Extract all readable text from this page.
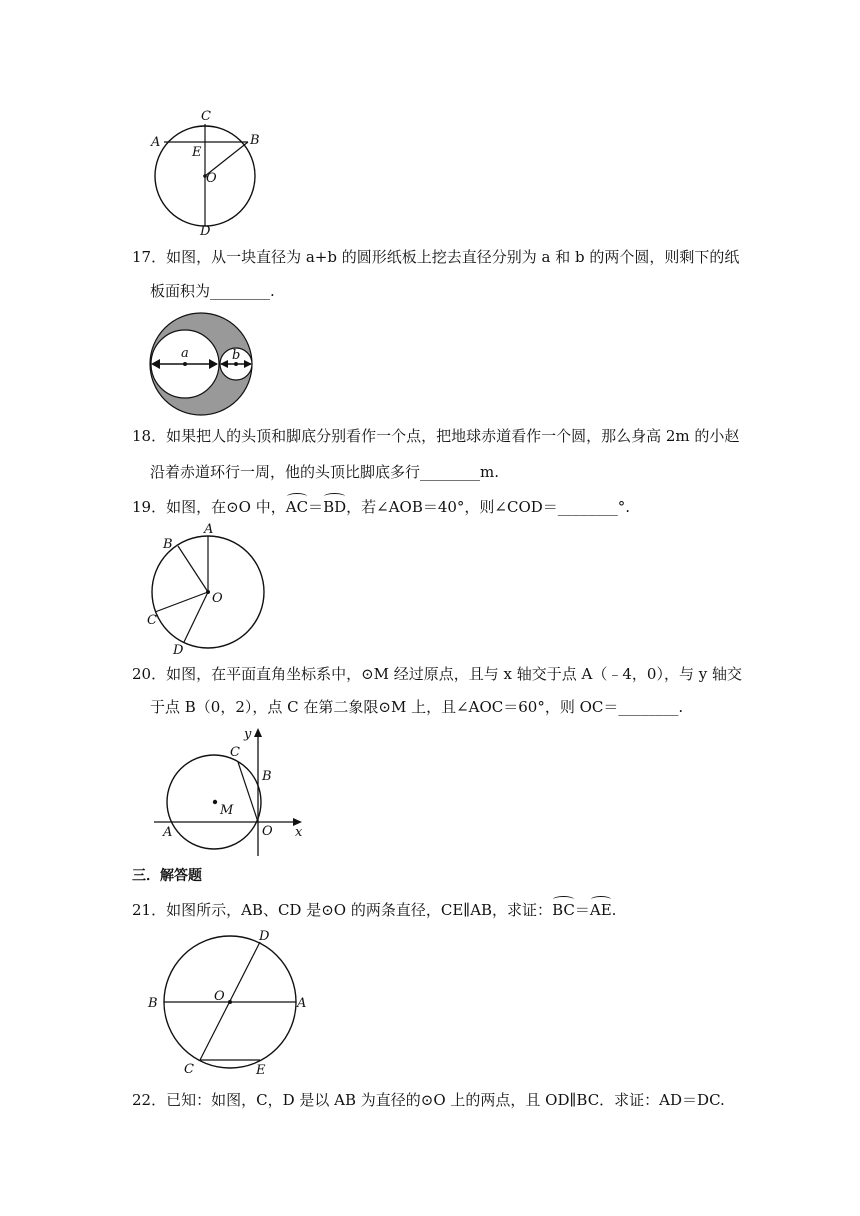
C
A	B
E
O
D
17．如图，从一块直径为 a+b 的圆形纸板上挖去直径分别为 a 和 b 的两个圆，则剩下的纸
板面积为________.
a	b
18．如果把人的头顶和脚底分别看作一个点，把地球赤道看作一个圆，那么身高 2m 的小赵
沿着赤道环行一周，他的头顶比脚底多行________m.
19．如图，在⊙O 中，AC＝BD，若∠AOB＝40°，则∠COD＝________°.
A
B
C
D
O
20．如图，在平面直角坐标系中，⊙M 经过原点，且与 x 轴交于点 A（﹣4，0），与 y 轴交
于点 B（0，2），点 C 在第二象限⊙M 上，且∠AOC＝60°，则 OC＝________.
y
C
B
M
A	O x
三．解答题
21．如图所示，AB、CD 是⊙O 的两条直径，CE∥AB，求证：BC＝AE.
D
B	O	A
C	E
22．已知：如图，C，D 是以 AB 为直径的⊙O 上的两点，且 OD∥BC．求证：AD＝DC.
